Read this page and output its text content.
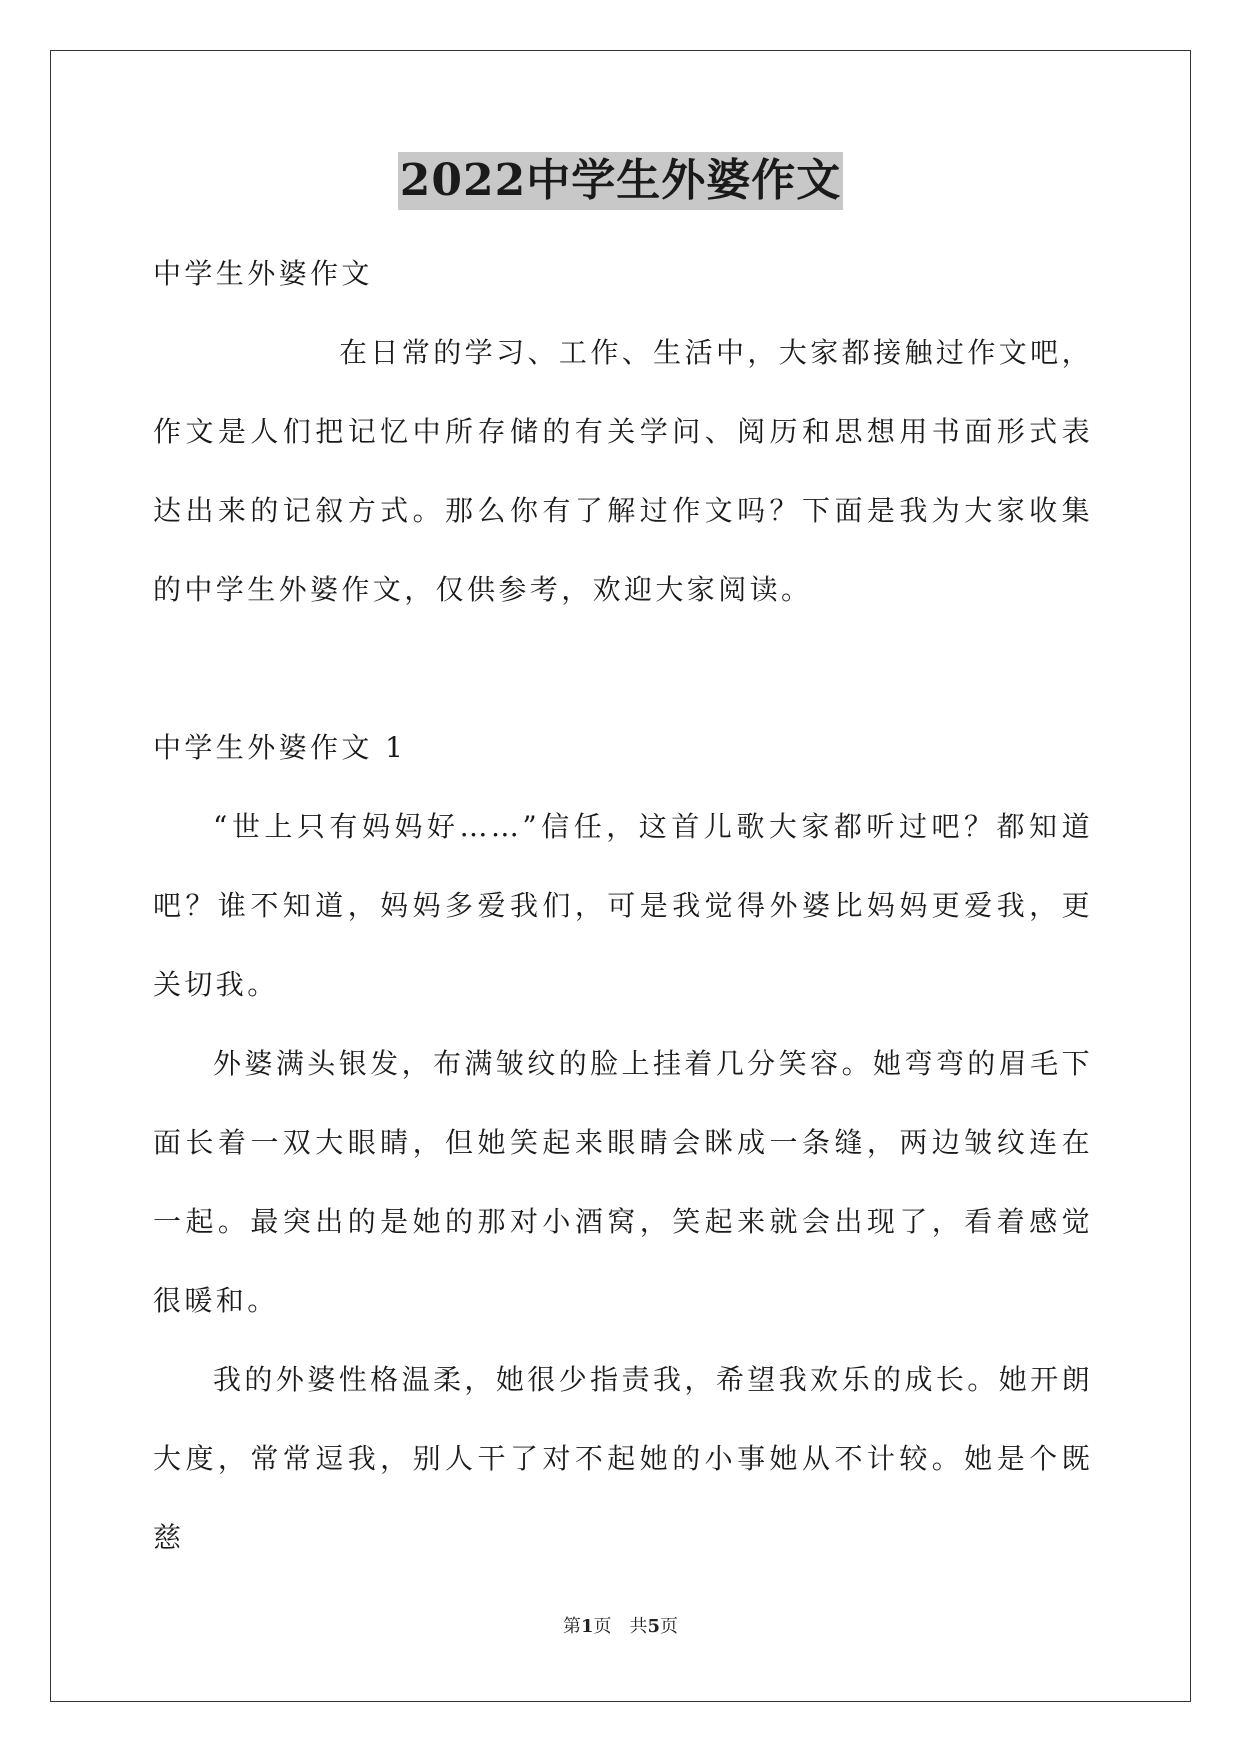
2022中学生外婆作文

中学生外婆作文

在日常的学习、工作、生活中，大家都接触过作文吧，作文是人们把记忆中所存储的有关学问、阅历和思想用书面形式表达出来的记叙方式。那么你有了解过作文吗？下面是我为大家收集的中学生外婆作文，仅供参考，欢迎大家阅读。

中学生外婆作文 1

“世上只有妈妈好……”信任，这首儿歌大家都听过吧？都知道吧？谁不知道，妈妈多爱我们，可是我觉得外婆比妈妈更爱我，更关切我。

外婆满头银发，布满皱纹的脸上挂着几分笑容。她弯弯的眉毛下面长着一双大眼睛，但她笑起来眼睛会眯成一条缝，两边皱纹连在一起。最突出的是她的那对小酒窝，笑起来就会出现了，看着感觉很暖和。

我的外婆性格温柔，她很少指责我，希望我欢乐的成长。她开朗大度，常常逗我，别人干了对不起她的小事她从不计较。她是个既慈

第1页　共5页
